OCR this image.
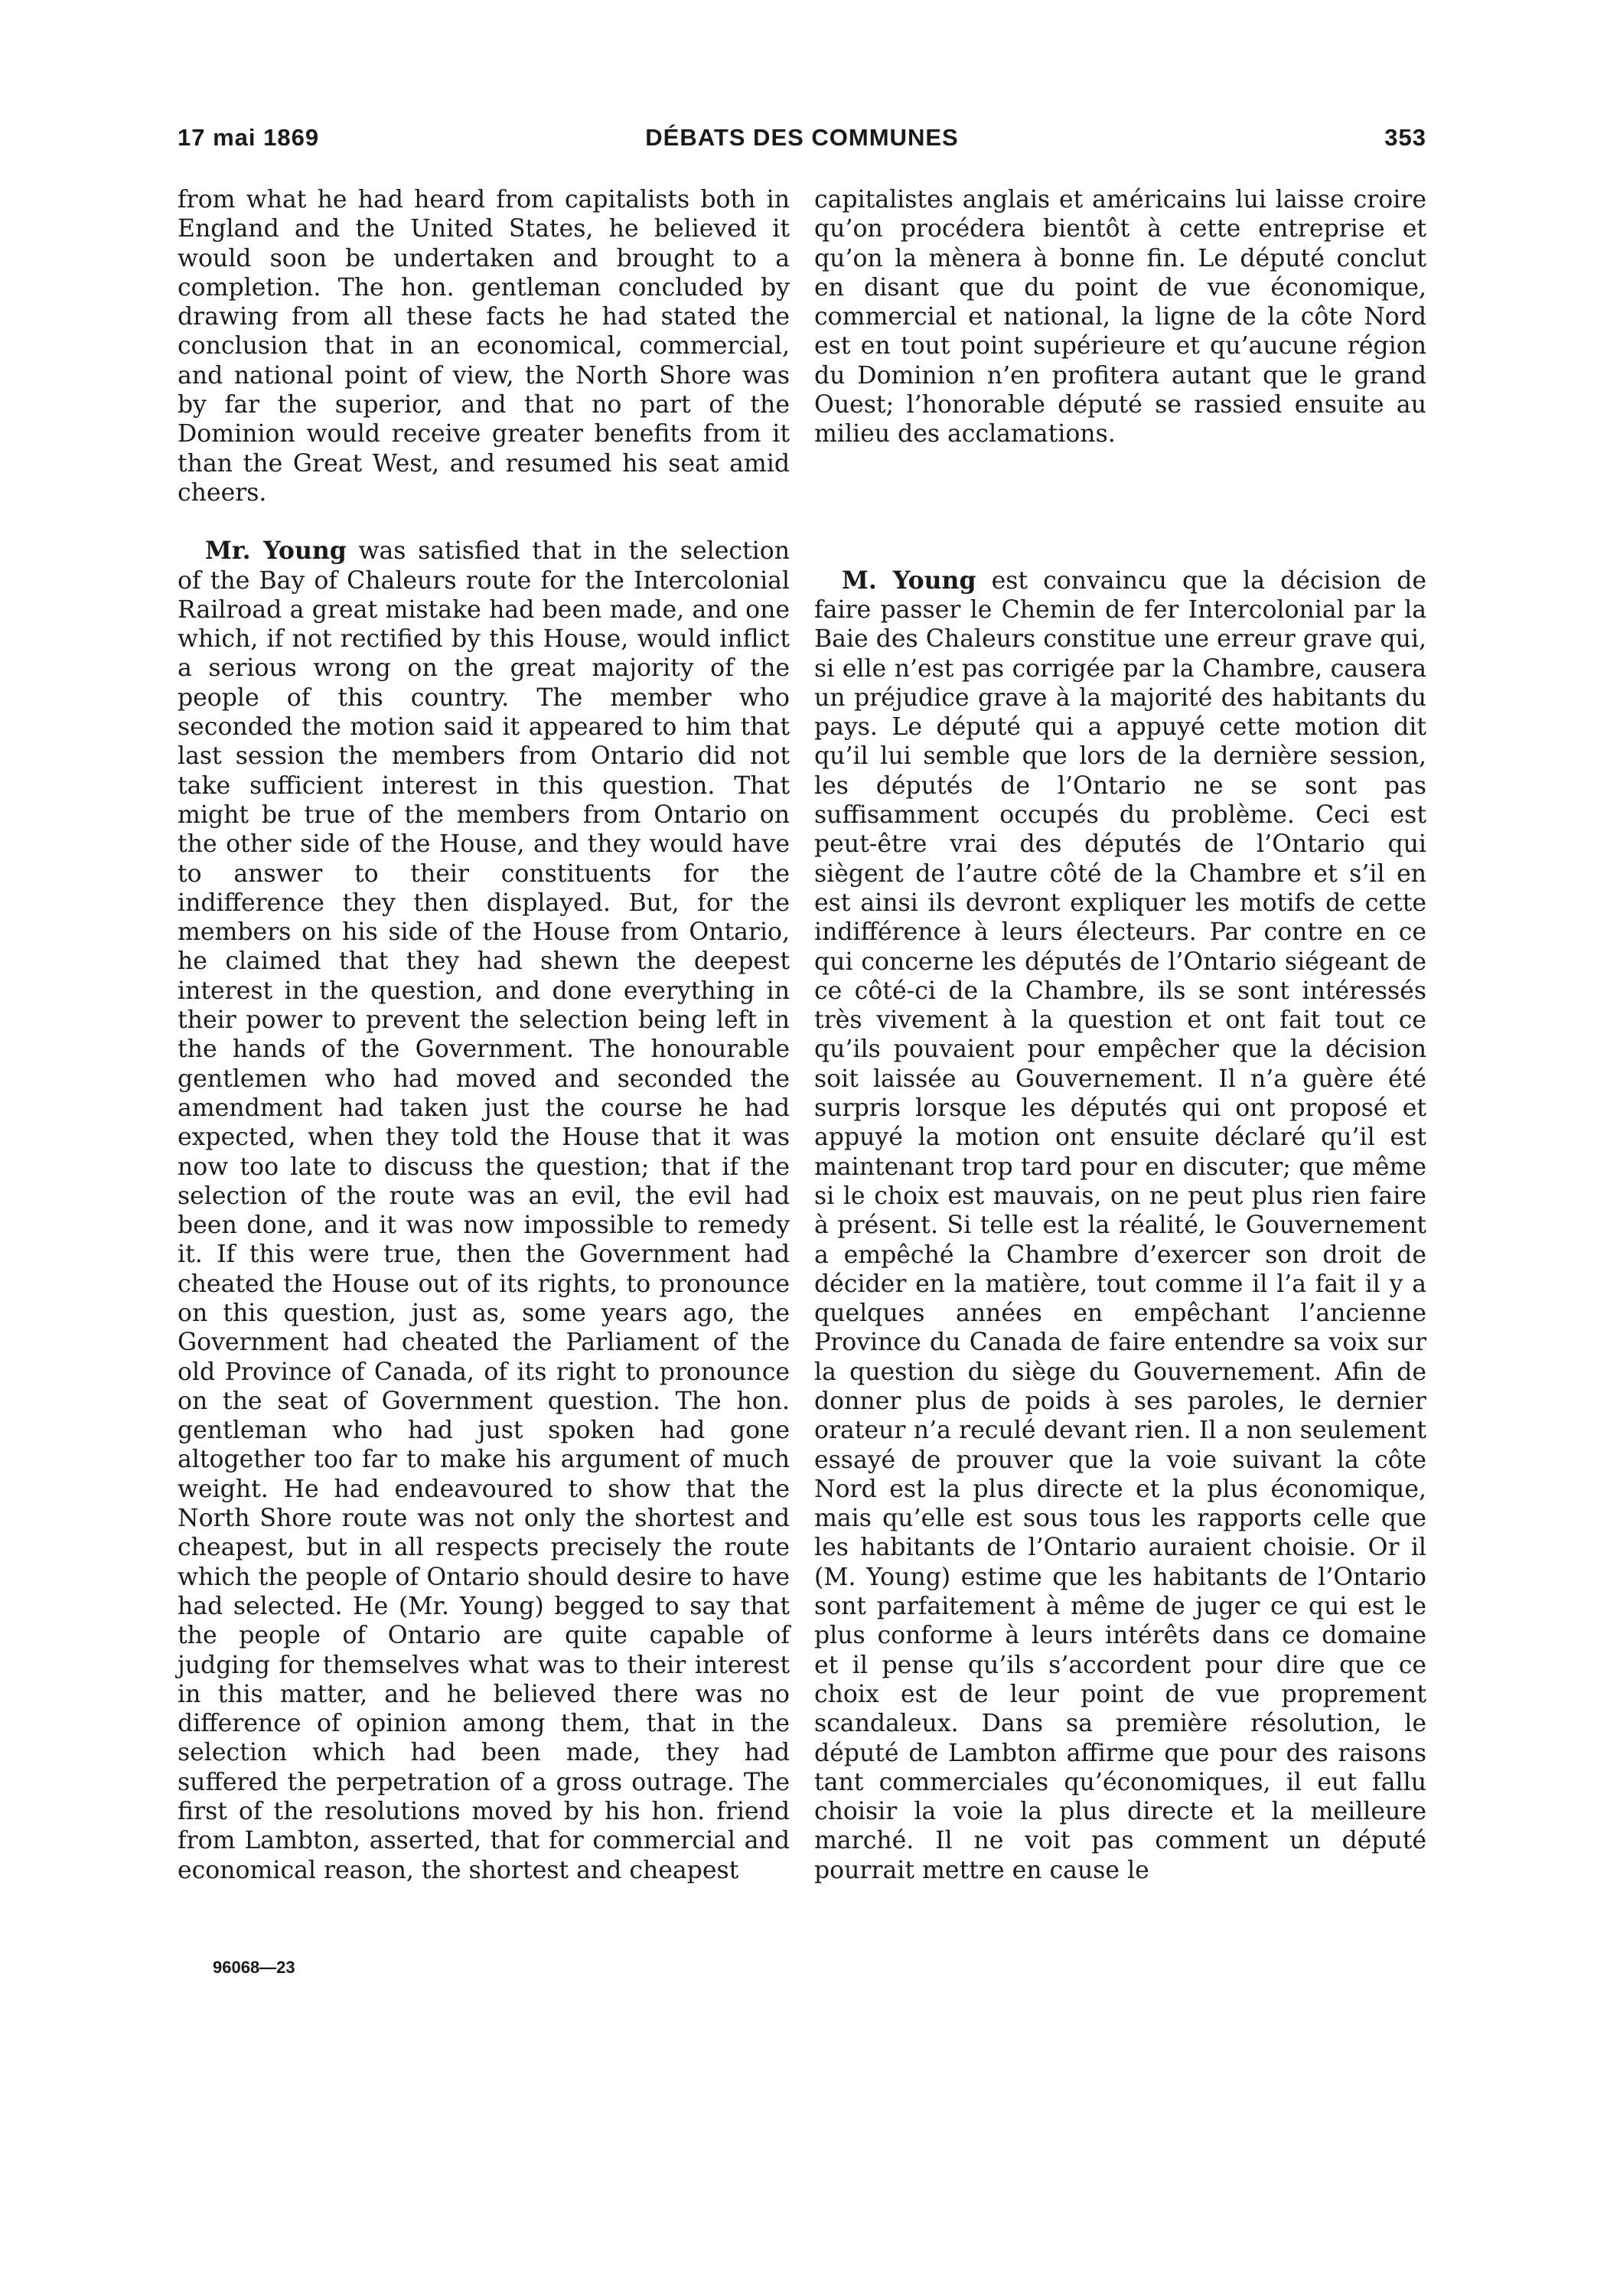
17 mai 1869	DÉBATS DES COMMUNES	353

from what he had heard from capitalists both in England and the United States, he believed it would soon be undertaken and brought to a completion. The hon. gentleman concluded by drawing from all these facts he had stated the conclusion that in an economical, commercial, and national point of view, the North Shore was by far the superior, and that no part of the Dominion would receive greater benefits from it than the Great West, and resumed his seat amid cheers.

Mr. Young was satisfied that in the selection of the Bay of Chaleurs route for the Intercolonial Railroad a great mistake had been made, and one which, if not rectified by this House, would inflict a serious wrong on the great majority of the people of this country. The member who seconded the motion said it appeared to him that last session the members from Ontario did not take sufficient interest in this question. That might be true of the members from Ontario on the other side of the House, and they would have to answer to their constituents for the indifference they then displayed. But, for the members on his side of the House from Ontario, he claimed that they had shewn the deepest interest in the question, and done everything in their power to prevent the selection being left in the hands of the Government. The honourable gentlemen who had moved and seconded the amendment had taken just the course he had expected, when they told the House that it was now too late to discuss the question; that if the selection of the route was an evil, the evil had been done, and it was now impossible to remedy it. If this were true, then the Government had cheated the House out of its rights, to pronounce on this question, just as, some years ago, the Government had cheated the Parliament of the old Province of Canada, of its right to pronounce on the seat of Government question. The hon. gentleman who had just spoken had gone altogether too far to make his argument of much weight. He had endeavoured to show that the North Shore route was not only the shortest and cheapest, but in all respects precisely the route which the people of Ontario should desire to have had selected. He (Mr. Young) begged to say that the people of Ontario are quite capable of judging for themselves what was to their interest in this matter, and he believed there was no difference of opinion among them, that in the selection which had been made, they had suffered the perpetration of a gross outrage. The first of the resolutions moved by his hon. friend from Lambton, asserted, that for commercial and economical reason, the shortest and cheapest

capitalistes anglais et américains lui laisse croire qu’on procédera bientôt à cette entreprise et qu’on la mènera à bonne fin. Le député conclut en disant que du point de vue économique, commercial et national, la ligne de la côte Nord est en tout point supérieure et qu’aucune région du Dominion n’en profitera autant que le grand Ouest; l’honorable député se rassied ensuite au milieu des acclamations.

M. Young est convaincu que la décision de faire passer le Chemin de fer Intercolonial par la Baie des Chaleurs constitue une erreur grave qui, si elle n’est pas corrigée par la Chambre, causera un préjudice grave à la majorité des habitants du pays. Le député qui a appuyé cette motion dit qu’il lui semble que lors de la dernière session, les députés de l’Ontario ne se sont pas suffisamment occupés du problème. Ceci est peut-être vrai des députés de l’Ontario qui siègent de l’autre côté de la Chambre et s’il en est ainsi ils devront expliquer les motifs de cette indifférence à leurs électeurs. Par contre en ce qui concerne les députés de l’Ontario siégeant de ce côté-ci de la Chambre, ils se sont intéressés très vivement à la question et ont fait tout ce qu’ils pouvaient pour empêcher que la décision soit laissée au Gouvernement. Il n’a guère été surpris lorsque les députés qui ont proposé et appuyé la motion ont ensuite déclaré qu’il est maintenant trop tard pour en discuter; que même si le choix est mauvais, on ne peut plus rien faire à présent. Si telle est la réalité, le Gouvernement a empêché la Chambre d’exercer son droit de décider en la matière, tout comme il l’a fait il y a quelques années en empêchant l’ancienne Province du Canada de faire entendre sa voix sur la question du siège du Gouvernement. Afin de donner plus de poids à ses paroles, le dernier orateur n’a reculé devant rien. Il a non seulement essayé de prouver que la voie suivant la côte Nord est la plus directe et la plus économique, mais qu’elle est sous tous les rapports celle que les habitants de l’Ontario auraient choisie. Or il (M. Young) estime que les habitants de l’Ontario sont parfaitement à même de juger ce qui est le plus conforme à leurs intérêts dans ce domaine et il pense qu’ils s’accordent pour dire que ce choix est de leur point de vue proprement scandaleux. Dans sa première résolution, le député de Lambton affirme que pour des raisons tant commerciales qu’économiques, il eut fallu choisir la voie la plus directe et la meilleure marché. Il ne voit pas comment un député pourrait mettre en cause le

96068—23
